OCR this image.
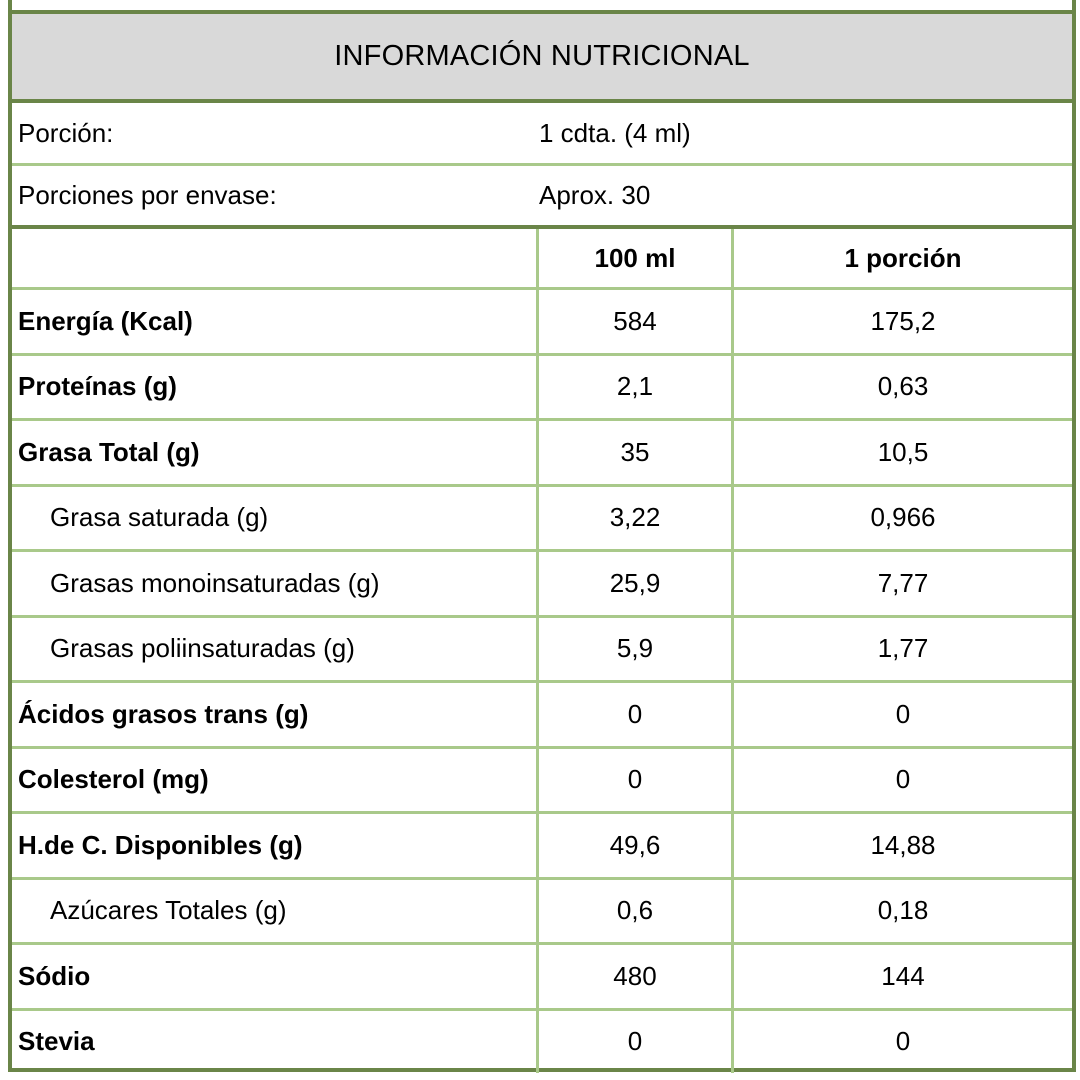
INFORMACIÓN NUTRICIONAL
Porción:	1 cdta. (4 ml)
Porciones por envase:	Aprox. 30
	100 ml	1 porción
Energía (Kcal)	584	175,2
Proteínas (g)	2,1	0,63
Grasa Total (g)	35	10,5
Grasa saturada (g)	3,22	0,966
Grasas monoinsaturadas (g)	25,9	7,77
Grasas poliinsaturadas (g)	5,9	1,77
Ácidos grasos trans (g)	0	0
Colesterol (mg)	0	0
H.de C. Disponibles (g)	49,6	14,88
Azúcares Totales (g)	0,6	0,18
Sódio	480	144
Stevia	0	0
